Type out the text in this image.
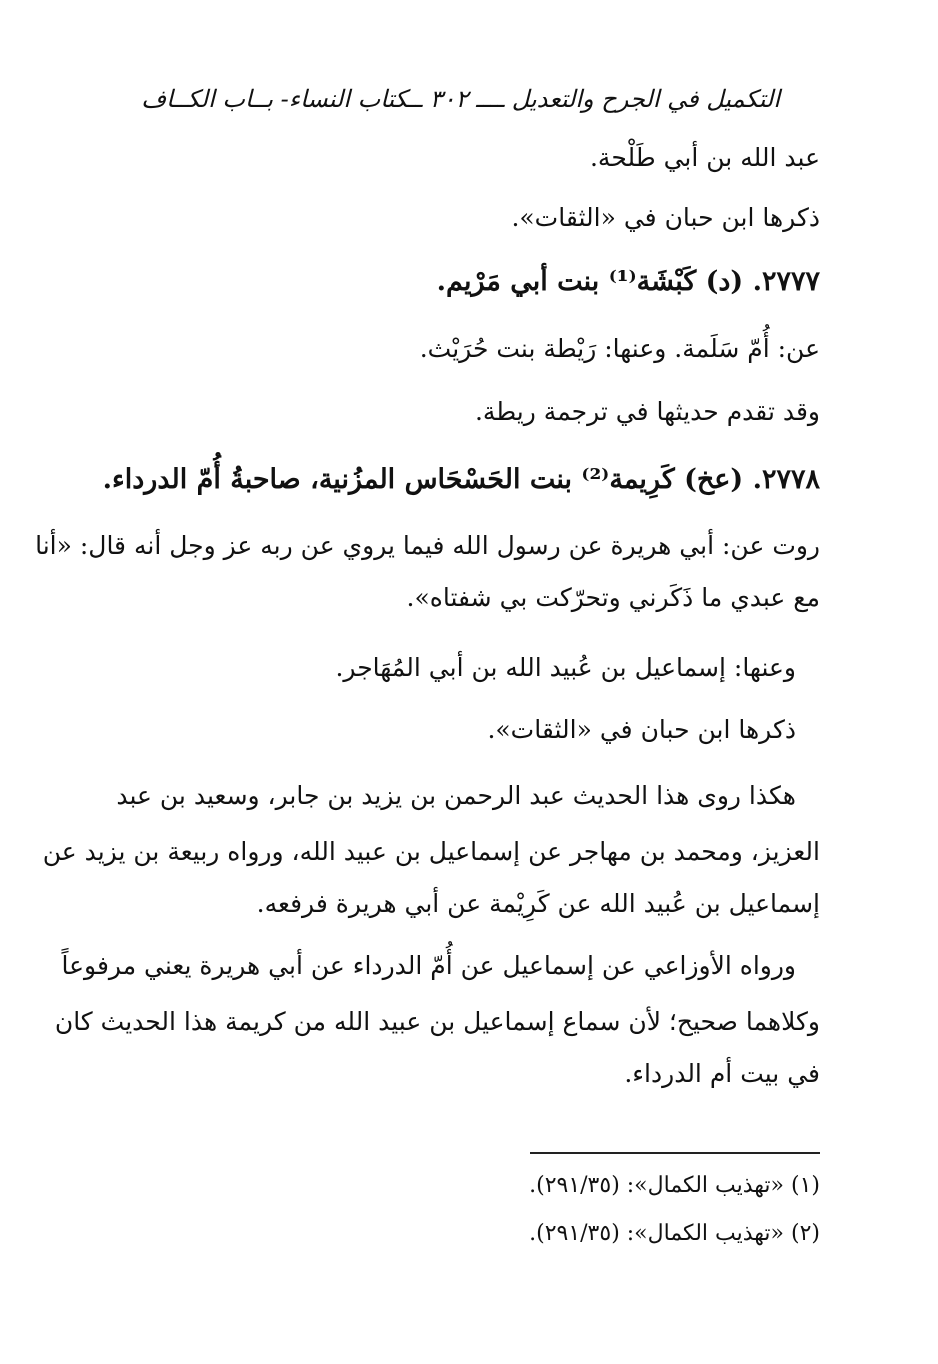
التكميل في الجرح والتعديل ــــ ٣٠٢ ــكتاب النساء- بــاب الكــاف
عبد الله بن أبي طَلْحة.
ذكرها ابن حبان في «الثقات».
٢٧٧٧. (د) كَبْشَة⁽¹⁾ بنت أبي مَرْيم.
عن: أُمّ سَلَمة. وعنها: رَيْطة بنت حُرَيْث.
وقد تقدم حديثها في ترجمة ريطة.
٢٧٧٨. (عخ) كَرِيمة⁽²⁾ بنت الحَسْحَاس المزُنية، صاحبةُ أُمّ الدرداء.
روت عن: أبي هريرة عن رسول الله فيما يروي عن ربه عز وجل أنه قال: «أنا
مع عبدي ما ذَكَرني وتحرّكت بي شفتاه».
وعنها: إسماعيل بن عُبيد الله بن أبي المُهَاجر.
ذكرها ابن حبان في «الثقات».
هكذا روى هذا الحديث عبد الرحمن بن يزيد بن جابر، وسعيد بن عبد
العزيز، ومحمد بن مهاجر عن إسماعيل بن عبيد الله، ورواه ربيعة بن يزيد عن
إسماعيل بن عُبيد الله عن كَرِيْمة عن أبي هريرة فرفعه.
ورواه الأوزاعي عن إسماعيل عن أُمّ الدرداء عن أبي هريرة يعني مرفوعاً
وكلاهما صحيح؛ لأن سماع إسماعيل بن عبيد الله من كريمة هذا الحديث كان
في بيت أم الدرداء.
(١) «تهذيب الكمال»: (٢٩١/٣٥).
(٢) «تهذيب الكمال»: (٢٩١/٣٥).
